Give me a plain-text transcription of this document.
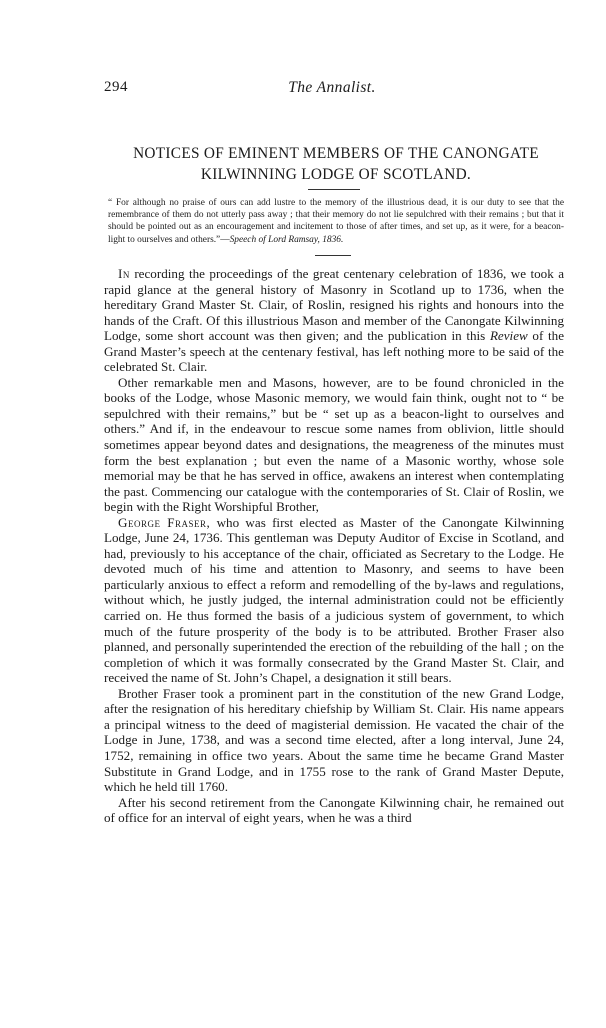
294	The Annalist.
NOTICES OF EMINENT MEMBERS OF THE CANONGATE
KILWINNING LODGE OF SCOTLAND.
“ For although no praise of ours can add lustre to the memory of the illustrious dead, it is our duty to see that the remembrance of them do not utterly pass away ; that their memory do not lie sepulchred with their remains ; but that it should be pointed out as an encouragement and incitement to those of after times, and set up, as it were, for a beacon-light to ourselves and others.”—Speech of Lord Ramsay, 1836.

In recording the proceedings of the great centenary celebration of 1836, we took a rapid glance at the general history of Masonry in Scotland up to 1736, when the hereditary Grand Master St. Clair, of Roslin, resigned his rights and honours into the hands of the Craft. Of this illustrious Mason and member of the Canongate Kilwinning Lodge, some short account was then given; and the publication in this Review of the Grand Master’s speech at the centenary festival, has left nothing more to be said of the celebrated St. Clair.

Other remarkable men and Masons, however, are to be found chronicled in the books of the Lodge, whose Masonic memory, we would fain think, ought not to “ be sepulchred with their remains,” but be “ set up as a beacon-light to ourselves and others.” And if, in the endeavour to rescue some names from oblivion, little should sometimes appear beyond dates and designations, the meagreness of the minutes must form the best explanation ; but even the name of a Masonic worthy, whose sole memorial may be that he has served in office, awakens an interest when contemplating the past. Commencing our catalogue with the contemporaries of St. Clair of Roslin, we begin with the Right Worshipful Brother,

George Fraser, who was first elected as Master of the Canongate Kilwinning Lodge, June 24, 1736. This gentleman was Deputy Auditor of Excise in Scotland, and had, previously to his acceptance of the chair, officiated as Secretary to the Lodge. He devoted much of his time and attention to Masonry, and seems to have been particularly anxious to effect a reform and remodelling of the by-laws and regulations, without which, he justly judged, the internal administration could not be efficiently carried on. He thus formed the basis of a judicious system of government, to which much of the future prosperity of the body is to be attributed. Brother Fraser also planned, and personally superintended the erection of the rebuilding of the hall ; on the completion of which it was formally consecrated by the Grand Master St. Clair, and received the name of St. John’s Chapel, a designation it still bears.

Brother Fraser took a prominent part in the constitution of the new Grand Lodge, after the resignation of his hereditary chiefship by William St. Clair. His name appears a principal witness to the deed of magisterial demission. He vacated the chair of the Lodge in June, 1738, and was a second time elected, after a long interval, June 24, 1752, remaining in office two years. About the same time he became Grand Master Substitute in Grand Lodge, and in 1755 rose to the rank of Grand Master Depute, which he held till 1760.

After his second retirement from the Canongate Kilwinning chair, he remained out of office for an interval of eight years, when he was a third
